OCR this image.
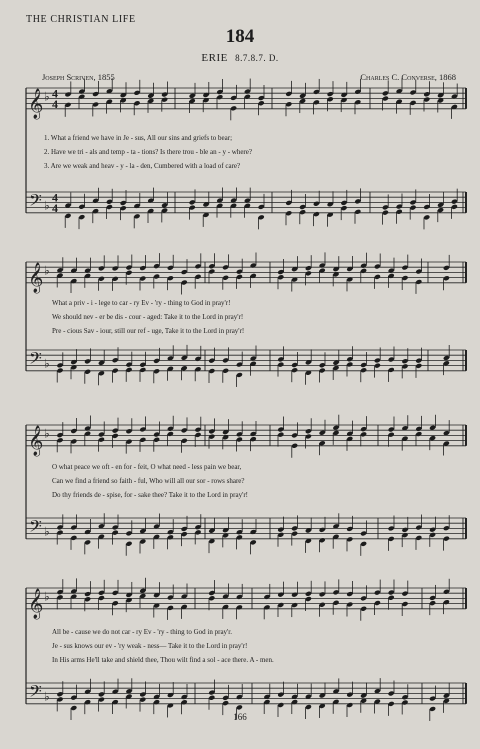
THE CHRISTIAN LIFE
184
ERIE 8.7.8.7. D.
Joseph Scriven, 1855	Charles C. Converse, 1868
𝄞 ♭ 4
4
𝄢 ♭
4
4
1. What a friend we have in Je - sus, All our sins and griefs to bear;
2. Have we tri - als and temp - ta - tions? Is there trou - ble an - y - where?
3. Are we weak and heav - y - la - den, Cumbered with a load of care?
𝄞 ♭
𝄢 ♭
What a priv - i - lege to car - ry Ev - 'ry - thing to God in pray'r!
We should nev - er be dis - cour - aged: Take it to the Lord in pray'r!
Pre - cious Sav - iour, still our ref - uge, Take it to the Lord in pray'r!
𝄞 ♭
𝄢 ♭
O what peace we oft - en for - feit, O what need - less pain we bear,
Can we find a friend so faith - ful, Who will all our sor - rows share?
Do thy friends de - spise, for - sake thee? Take it to the Lord in pray'r!
𝄞 ♭
𝄢 ♭
All be - cause we do not car - ry Ev - 'ry - thing to God in pray'r.
Je - sus knows our ev - 'ry weak - ness— Take it to the Lord in pray'r!
In His arms He'll take and shield thee, Thou wilt find a sol - ace there. A - men.
166
